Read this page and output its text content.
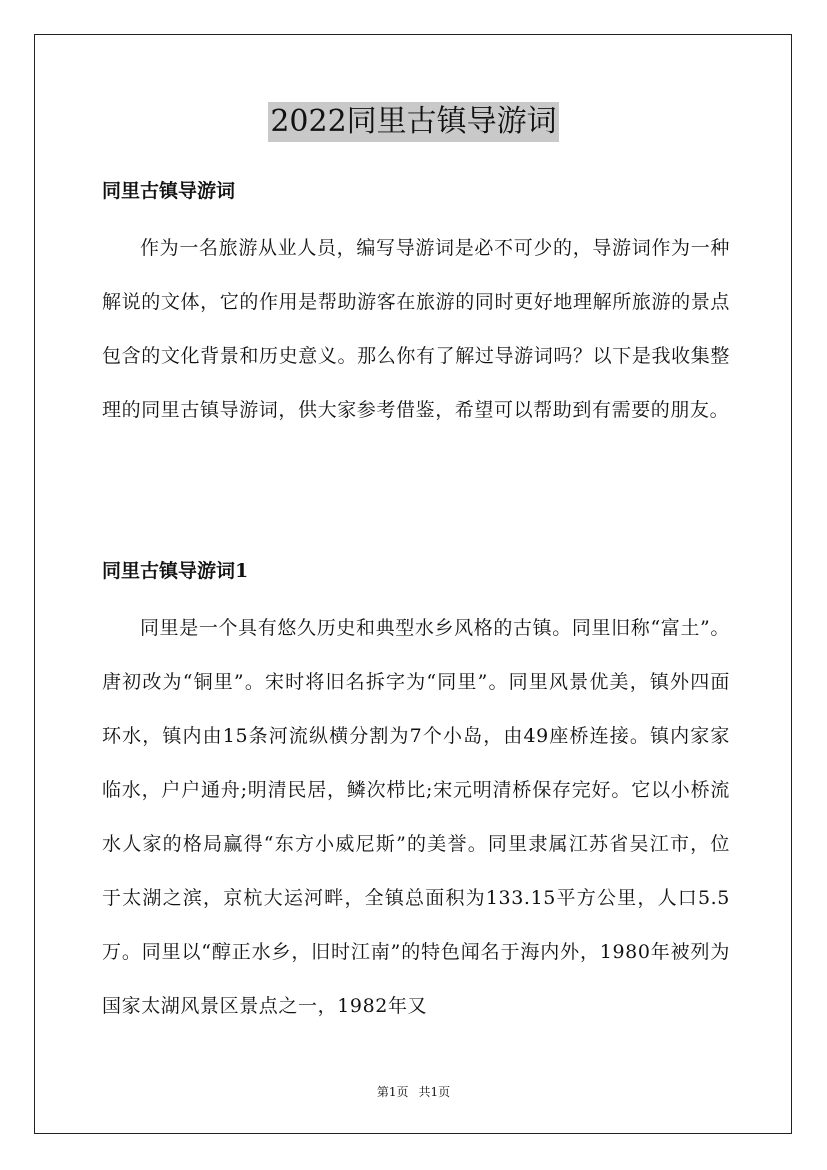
2022同里古镇导游词
同里古镇导游词

作为一名旅游从业人员，编写导游词是必不可少的，导游词作为一种解说的文体，它的作用是帮助游客在旅游的同时更好地理解所旅游的景点包含的文化背景和历史意义。那么你有了解过导游词吗？以下是我收集整理的同里古镇导游词，供大家参考借鉴，希望可以帮助到有需要的朋友。

同里古镇导游词1

同里是一个具有悠久历史和典型水乡风格的古镇。同里旧称“富土”。唐初改为“铜里”。宋时将旧名拆字为“同里”。同里风景优美，镇外四面环水，镇内由15条河流纵横分割为7个小岛，由49座桥连接。镇内家家临水，户户通舟;明清民居，鳞次栉比;宋元明清桥保存完好。它以小桥流水人家的格局赢得“东方小威尼斯”的美誉。同里隶属江苏省吴江市，位于太湖之滨，京杭大运河畔，全镇总面积为133.15平方公里，人口5.5万。同里以“醇正水乡，旧时江南”的特色闻名于海内外，1980年被列为国家太湖风景区景点之一，1982年又

第1页 共1页
